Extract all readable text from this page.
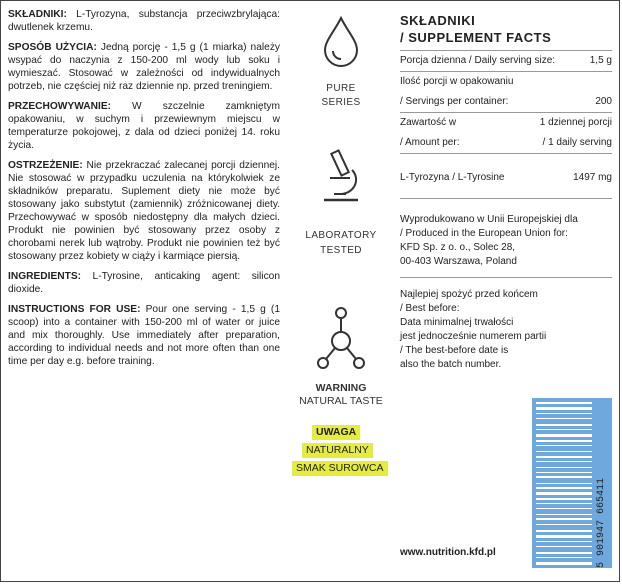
SKŁADNIKI: L-Tyrozyna, substancja przeciwzbrylająca: dwutlenek krzemu.

SPOSÓB UŻYCIA: Jedną porcję - 1,5 g (1 miarka) należy wsypać do naczynia z 150-200 ml wody lub soku i wymieszać. Stosować w zależności od indywidualnych potrzeb, nie częściej niż raz dziennie np. przed treningiem.

PRZECHOWYWANIE: W szczelnie zamkniętym opakowaniu, w suchym i przewiewnym miejscu w temperaturze pokojowej, z dala od dzieci poniżej 14. roku życia.

OSTRZEŻENIE: Nie przekraczać zalecanej porcji dziennej. Nie stosować w przypadku uczulenia na którykolwiek ze składników preparatu. Suplement diety nie może być stosowany jako substytut (zamiennik) zróżnicowanej diety. Przechowywać w sposób niedostępny dla małych dzieci. Produkt nie powinien być stosowany przez osoby z chorobami nerek lub wątroby. Produkt nie powinien też być stosowany przez kobiety w ciąży i karmiące piersią.

INGREDIENTS: L-Tyrosine, anticaking agent: silicon dioxide.

INSTRUCTIONS FOR USE: Pour one serving - 1,5 g (1 scoop) into a container with 150-200 ml of water or juice and mix thoroughly. Use immediately after preparation, according to individual needs and not more often than one time per day e.g. before training.

PURE
SERIES
LABORATORY
TESTED
WARNING
NATURAL TASTE
UWAGA
NATURALNY
SMAK SUROWCA
SKŁADNIKI
/ SUPPLEMENT FACTS
Porcja dzienna / Daily serving size:	1,5 g
Ilość porcji w opakowaniu
/ Servings per container:	200
Zawartość w	1 dziennej porcji
/ Amount per:	/ 1 daily serving
L-Tyrozyna / L-Tyrosine	1497 mg
Wyprodukowano w Unii Europejskiej dla
/ Produced in the European Union for:
KFD Sp. z o. o., Solec 28,
00-403 Warszawa, Poland
Najlepiej spożyć przed końcem
/ Best before:
Data minimalnej trwałości
jest jednocześnie numerem partii
/ The best-before date is
also the batch number.
5 901947 665411
www.nutrition.kfd.pl
